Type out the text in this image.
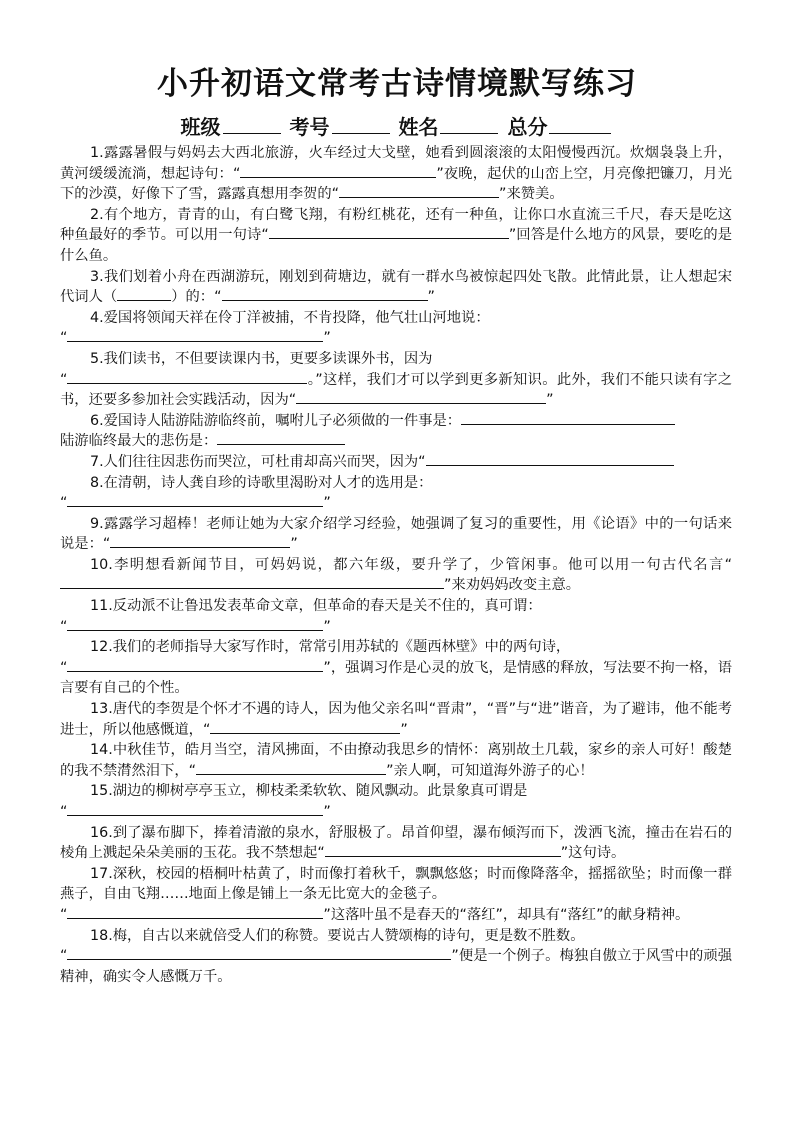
小升初语文常考古诗情境默写练习
班级	考号	姓名	总分

1.露露暑假与妈妈去大西北旅游，火车经过大戈壁，她看到圆滚滚的太阳慢慢西沉。炊烟袅袅上升，黄河缓缓流淌，想起诗句：“	”夜晚，起伏的山峦上空，月亮像把镰刀，月光下的沙漠，好像下了雪，露露真想用李贺的“	”来赞美。

2.有个地方，青青的山，有白鹭飞翔，有粉红桃花，还有一种鱼，让你口水直流三千尺，春天是吃这种鱼最好的季节。可以用一句诗“	”回答是什么地方的风景，要吃的是什么鱼。

3.我们划着小舟在西湖游玩，刚划到荷塘边，就有一群水鸟被惊起四处飞散。此情此景，让人想起宋代词人（	）的：“	”

4.爱国将领闻天祥在伶丁洋被捕，不肯投降，他气壮山河地说：
“	”

5.我们读书，不但要读课内书，更要多读课外书，因为
“	。”这样，我们才可以学到更多新知识。此外，我们不能只读有字之书，还要多参加社会实践活动，因为“	”

6.爱国诗人陆游陆游临终前，嘱咐儿子必须做的一件事是：
陆游临终最大的悲伤是：

7.人们往往因悲伤而哭泣，可杜甫却高兴而哭，因为“

8.在清朝，诗人龚自珍的诗歌里渴盼对人才的选用是：
“	”

9.露露学习超棒！老师让她为大家介绍学习经验，她强调了复习的重要性，用《论语》中的一句话来说是：“	”

10.李明想看新闻节目，可妈妈说，都六年级，要升学了，少管闲事。他可以用一句古代名言“”来劝妈妈改变主意。

11.反动派不让鲁迅发表革命文章，但革命的春天是关不住的，真可谓：
“	”

12.我们的老师指导大家写作时，常常引用苏轼的《题西林壁》中的两句诗，
“	”，强调习作是心灵的放飞，是情感的释放，写法要不拘一格，语言要有自己的个性。

13.唐代的李贺是个怀才不遇的诗人，因为他父亲名叫“晋肃”，“晋”与“进”谐音，为了避讳，他不能考进士，所以他感慨道，“	”

14.中秋佳节，皓月当空，清风拂面，不由撩动我思乡的情怀：离别故土几载，家乡的亲人可好！酸楚的我不禁潸然泪下，“	”亲人啊，可知道海外游子的心！

15.湖边的柳树亭亭玉立，柳枝柔柔软软、随风飘动。此景象真可谓是
“	”

16.到了瀑布脚下，捧着清澈的泉水，舒服极了。昂首仰望，瀑布倾泻而下，泼洒飞流，撞击在岩石的棱角上溅起朵朵美丽的玉花。我不禁想起“	”这句诗。

17.深秋，校园的梧桐叶枯黄了，时而像打着秋千，飘飘悠悠；时而像降落伞，摇摇欲坠；时而像一群燕子，自由飞翔……地面上像是铺上一条无比宽大的金毯子。
“	”这落叶虽不是春天的“落红”，却具有“落红”的献身精神。

18.梅，自古以来就倍受人们的称赞。要说古人赞颂梅的诗句，更是数不胜数。
“	”便是一个例子。梅独自傲立于风雪中的顽强精神，确实令人感慨万千。
